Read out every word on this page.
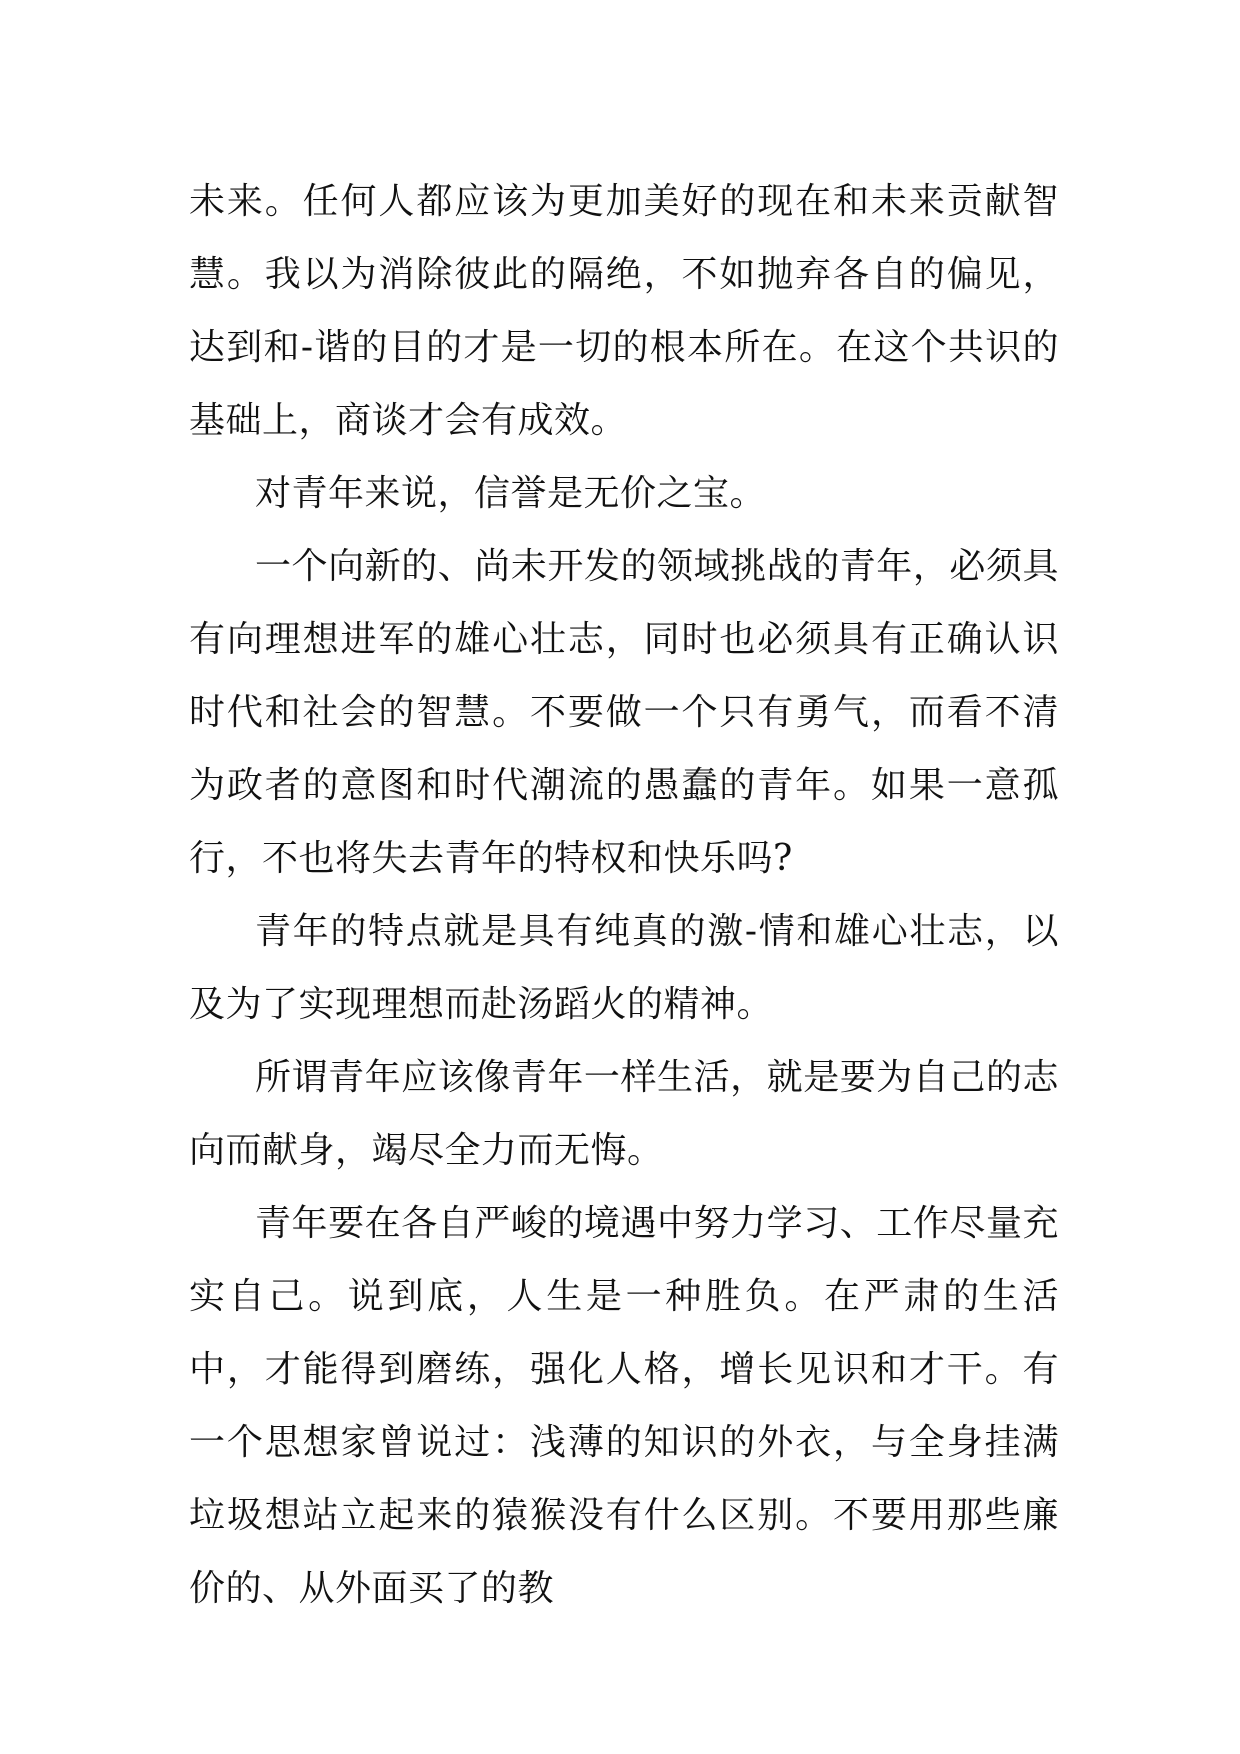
未来。任何人都应该为更加美好的现在和未来贡献智慧。我以为消除彼此的隔绝，不如抛弃各自的偏见，达到和-谐的目的才是一切的根本所在。在这个共识的基础上，商谈才会有成效。

对青年来说，信誉是无价之宝。

一个向新的、尚未开发的领域挑战的青年，必须具有向理想进军的雄心壮志，同时也必须具有正确认识时代和社会的智慧。不要做一个只有勇气，而看不清为政者的意图和时代潮流的愚蠢的青年。如果一意孤行，不也将失去青年的特权和快乐吗?

青年的特点就是具有纯真的激-情和雄心壮志，以及为了实现理想而赴汤蹈火的精神。

所谓青年应该像青年一样生活，就是要为自己的志向而献身，竭尽全力而无悔。

青年要在各自严峻的境遇中努力学习、工作尽量充实自己。说到底，人生是一种胜负。在严肃的生活中，才能得到磨练，强化人格，增长见识和才干。有一个思想家曾说过：浅薄的知识的外衣，与全身挂满垃圾想站立起来的猿猴没有什么区别。不要用那些廉价的、从外面买了的教
